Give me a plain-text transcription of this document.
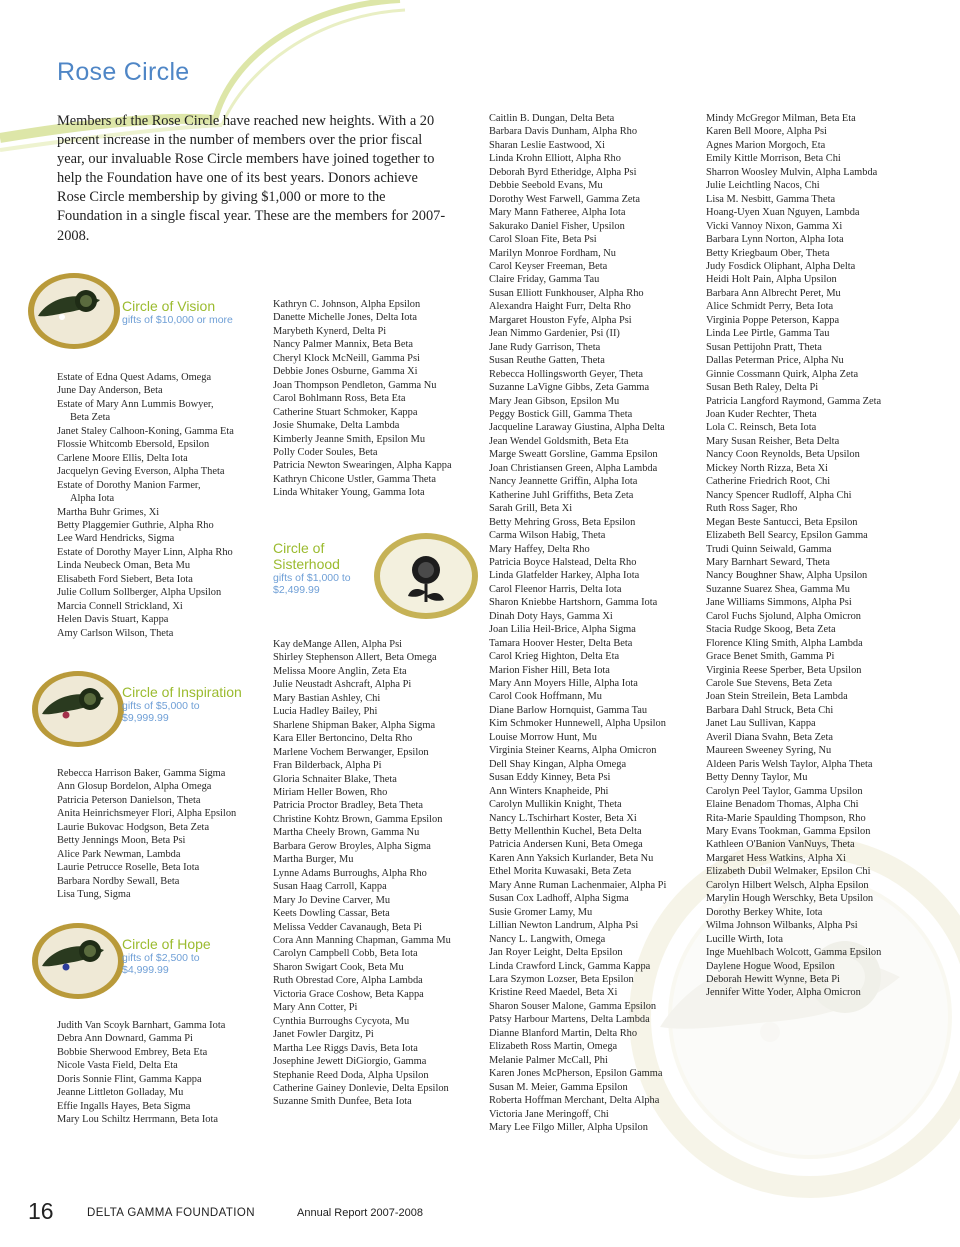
Rose Circle

Members of the Rose Circle have reached new heights. With a 20 percent increase in the number of members over the prior fiscal year, our invaluable Rose Circle members have joined together to help the Foundation have one of its best years. Donors achieve Rose Circle membership by giving $1,000 or more to the Foundation in a single fiscal year. These are the members for 2007-2008.

Circle of Vision
gifts of $10,000 or more
Estate of Edna Quest Adams, Omega
June Day Anderson, Beta
Estate of Mary Ann Lummis Bowyer,
Beta Zeta
Janet Staley Calhoon-Koning, Gamma Eta
Flossie Whitcomb Ebersold, Epsilon
Carlene Moore Ellis, Delta Iota
Jacquelyn Geving Everson, Alpha Theta
Estate of Dorothy Manion Farmer,
Alpha Iota
Martha Buhr Grimes, Xi
Betty Plaggemier Guthrie, Alpha Rho
Lee Ward Hendricks, Sigma
Estate of Dorothy Mayer Linn, Alpha Rho
Linda Neubeck Oman, Beta Mu
Elisabeth Ford Siebert, Beta Iota
Julie Collum Sollberger, Alpha Upsilon
Marcia Connell Strickland, Xi
Helen Davis Stuart, Kappa
Amy Carlson Wilson, Theta
Kathryn C. Johnson, Alpha Epsilon
Danette Michelle Jones, Delta Iota
Marybeth Kynerd, Delta Pi
Nancy Palmer Mannix, Beta Beta
Cheryl Klock McNeill, Gamma Psi
Debbie Jones Osburne, Gamma Xi
Joan Thompson Pendleton, Gamma Nu
Carol Bohlmann Ross, Beta Eta
Catherine Stuart Schmoker, Kappa
Josie Shumake, Delta Lambda
Kimberly Jeanne Smith, Epsilon Mu
Polly Coder Soules, Beta
Patricia Newton Swearingen, Alpha Kappa
Kathryn Chicone Ustler, Gamma Theta
Linda Whitaker Young, Gamma Iota
Circle of Inspiration
gifts of $5,000 to
$9,999.99
Rebecca Harrison Baker, Gamma Sigma
Ann Glosup Bordelon, Alpha Omega
Patricia Peterson Danielson, Theta
Anita Heinrichsmeyer Flori, Alpha Epsilon
Laurie Bukovac Hodgson, Beta Zeta
Betty Jennings Moon, Beta Psi
Alice Park Newman, Lambda
Laurie Petrucce Roselle, Beta Iota
Barbara Nordby Sewall, Beta
Lisa Tung, Sigma
Circle of Hope
gifts of $2,500 to
$4,999.99
Judith Van Scoyk Barnhart, Gamma Iota
Debra Ann Downard, Gamma Pi
Bobbie Sherwood Embrey, Beta Eta
Nicole Vasta Field, Delta Eta
Doris Sonnie Flint, Gamma Kappa
Jeanne Littleton Golladay, Mu
Effie Ingalls Hayes, Beta Sigma
Mary Lou Schiltz Herrmann, Beta Iota
Circle of
Sisterhood
gifts of $1,000 to
$2,499.99
Kay deMange Allen, Alpha Psi
Shirley Stephenson Allert, Beta Omega
Melissa Moore Anglin, Zeta Eta
Julie Neustadt Ashcraft, Alpha Pi
Mary Bastian Ashley, Chi
Lucia Hadley Bailey, Phi
Sharlene Shipman Baker, Alpha Sigma
Kara Eller Bertoncino, Delta Rho
Marlene Vochem Berwanger, Epsilon
Fran Bilderback, Alpha Pi
Gloria Schnaiter Blake, Theta
Miriam Heller Bowen, Rho
Patricia Proctor Bradley, Beta Theta
Christine Kohtz Brown, Gamma Epsilon
Martha Cheely Brown, Gamma Nu
Barbara Gerow Broyles, Alpha Sigma
Martha Burger, Mu
Lynne Adams Burroughs, Alpha Rho
Susan Haag Carroll, Kappa
Mary Jo Devine Carver, Mu
Keets Dowling Cassar, Beta
Melissa Vedder Cavanaugh, Beta Pi
Cora Ann Manning Chapman, Gamma Mu
Carolyn Campbell Cobb, Beta Iota
Sharon Swigart Cook, Beta Mu
Ruth Obrestad Core, Alpha Lambda
Victoria Grace Coshow, Beta Kappa
Mary Ann Cotter, Pi
Cynthia Burroughs Cycyota, Mu
Janet Fowler Dargitz, Pi
Martha Lee Riggs Davis, Beta Iota
Josephine Jewett DiGiorgio, Gamma
Stephanie Reed Doda, Alpha Upsilon
Catherine Gainey Donlevie, Delta Epsilon
Suzanne Smith Dunfee, Beta Iota
Caitlin B. Dungan, Delta Beta
Barbara Davis Dunham, Alpha Rho
Sharan Leslie Eastwood, Xi
Linda Krohn Elliott, Alpha Rho
Deborah Byrd Etheridge, Alpha Psi
Debbie Seebold Evans, Mu
Dorothy West Farwell, Gamma Zeta
Mary Mann Fatheree, Alpha Iota
Sakurako Daniel Fisher, Upsilon
Carol Sloan Fite, Beta Psi
Marilyn Monroe Fordham, Nu
Carol Keyser Freeman, Beta
Claire Friday, Gamma Tau
Susan Elliott Funkhouser, Alpha Rho
Alexandra Haight Furr, Delta Rho
Margaret Houston Fyfe, Alpha Psi
Jean Nimmo Gardenier, Psi (II)
Jane Rudy Garrison, Theta
Susan Reuthe Gatten, Theta
Rebecca Hollingsworth Geyer, Theta
Suzanne LaVigne Gibbs, Zeta Gamma
Mary Jean Gibson, Epsilon Mu
Peggy Bostick Gill, Gamma Theta
Jacqueline Laraway Giustina, Alpha Delta
Jean Wendel Goldsmith, Beta Eta
Marge Sweatt Gorsline, Gamma Epsilon
Joan Christiansen Green, Alpha Lambda
Nancy Jeannette Griffin, Alpha Iota
Katherine Juhl Griffiths, Beta Zeta
Sarah Grill, Beta Xi
Betty Mehring Gross, Beta Epsilon
Carma Wilson Habig, Theta
Mary Haffey, Delta Rho
Patricia Boyce Halstead, Delta Rho
Linda Glatfelder Harkey, Alpha Iota
Carol Fleenor Harris, Delta Iota
Sharon Kniebbe Hartshorn, Gamma Iota
Dinah Doty Hays, Gamma Xi
Joan Lilia Heil-Brice, Alpha Sigma
Tamara Hoover Hester, Delta Beta
Carol Krieg Highton, Delta Eta
Marion Fisher Hill, Beta Iota
Mary Ann Moyers Hille, Alpha Iota
Carol Cook Hoffmann, Mu
Diane Barlow Hornquist, Gamma Tau
Kim Schmoker Hunnewell, Alpha Upsilon
Louise Morrow Hunt, Mu
Virginia Steiner Kearns, Alpha Omicron
Dell Shay Kingan, Alpha Omega
Susan Eddy Kinney, Beta Psi
Ann Winters Knapheide, Phi
Carolyn Mullikin Knight, Theta
Nancy L.Tschirhart Koster, Beta Xi
Betty Mellenthin Kuchel, Beta Delta
Patricia Andersen Kuni, Beta Omega
Karen Ann Yaksich Kurlander, Beta Nu
Ethel Morita Kuwasaki, Beta Zeta
Mary Anne Ruman Lachenmaier, Alpha Pi
Susan Cox Ladhoff, Alpha Sigma
Susie Gromer Lamy, Mu
Lillian Newton Landrum, Alpha Psi
Nancy L. Langwith, Omega
Jan Royer Leight, Delta Epsilon
Linda Crawford Linck, Gamma Kappa
Lara Szymon Lozser, Beta Epsilon
Kristine Reed Maedel, Beta Xi
Sharon Souser Malone, Gamma Epsilon
Patsy Harbour Martens, Delta Lambda
Dianne Blanford Martin, Delta Rho
Elizabeth Ross Martin, Omega
Melanie Palmer McCall, Phi
Karen Jones McPherson, Epsilon Gamma
Susan M. Meier, Gamma Epsilon
Roberta Hoffman Merchant, Delta Alpha
Victoria Jane Meringoff, Chi
Mary Lee Filgo Miller, Alpha Upsilon
Mindy McGregor Milman, Beta Eta
Karen Bell Moore, Alpha Psi
Agnes Marion Morgoch, Eta
Emily Kittle Morrison, Beta Chi
Sharron Woosley Mulvin, Alpha Lambda
Julie Leichtling Nacos, Chi
Lisa M. Nesbitt, Gamma Theta
Hoang-Uyen Xuan Nguyen, Lambda
Vicki Vannoy Nixon, Gamma Xi
Barbara Lynn Norton, Alpha Iota
Betty Kriegbaum Ober, Theta
Judy Fosdick Oliphant, Alpha Delta
Heidi Holt Pain, Alpha Upsilon
Barbara Ann Albrecht Peret, Mu
Alice Schmidt Perry, Beta Iota
Virginia Poppe Peterson, Kappa
Linda Lee Pirtle, Gamma Tau
Susan Pettijohn Pratt, Theta
Dallas Peterman Price, Alpha Nu
Ginnie Cossmann Quirk, Alpha Zeta
Susan Beth Raley, Delta Pi
Patricia Langford Raymond, Gamma Zeta
Joan Kuder Rechter, Theta
Lola C. Reinsch, Beta Iota
Mary Susan Reisher, Beta Delta
Nancy Coon Reynolds, Beta Upsilon
Mickey North Rizza, Beta Xi
Catherine Friedrich Root, Chi
Nancy Spencer Rudloff, Alpha Chi
Ruth Ross Sager, Rho
Megan Beste Santucci, Beta Epsilon
Elizabeth Bell Searcy, Epsilon Gamma
Trudi Quinn Seiwald, Gamma
Mary Barnhart Seward, Theta
Nancy Boughner Shaw, Alpha Upsilon
Suzanne Suarez Shea, Gamma Mu
Jane Williams Simmons, Alpha Psi
Carol Fuchs Sjolund, Alpha Omicron
Stacia Rudge Skoog, Beta Zeta
Florence Kling Smith, Alpha Lambda
Grace Benet Smith, Gamma Pi
Virginia Reese Sperber, Beta Upsilon
Carole Sue Stevens, Beta Zeta
Joan Stein Streilein, Beta Lambda
Barbara Dahl Struck, Beta Chi
Janet Lau Sullivan, Kappa
Averil Diana Svahn, Beta Zeta
Maureen Sweeney Syring, Nu
Aldeen Paris Welsh Taylor, Alpha Theta
Betty Denny Taylor, Mu
Carolyn Peel Taylor, Gamma Upsilon
Elaine Benadom Thomas, Alpha Chi
Rita-Marie Spaulding Thompson, Rho
Mary Evans Tookman, Gamma Epsilon
Kathleen O'Banion VanNuys, Theta
Margaret Hess Watkins, Alpha Xi
Elizabeth Dubil Welmaker, Epsilon Chi
Carolyn Hilbert Welsch, Alpha Epsilon
Marylin Hough Werschky, Beta Upsilon
Dorothy Berkey White, Iota
Wilma Johnson Wilbanks, Alpha Psi
Lucille Wirth, Iota
Inge Muehlbach Wolcott, Gamma Epsilon
Daylene Hogue Wood, Epsilon
Deborah Hewitt Wynne, Beta Pi
Jennifer Witte Yoder, Alpha Omicron
16	DELTA GAMMA FOUNDATION	Annual Report 2007-2008
